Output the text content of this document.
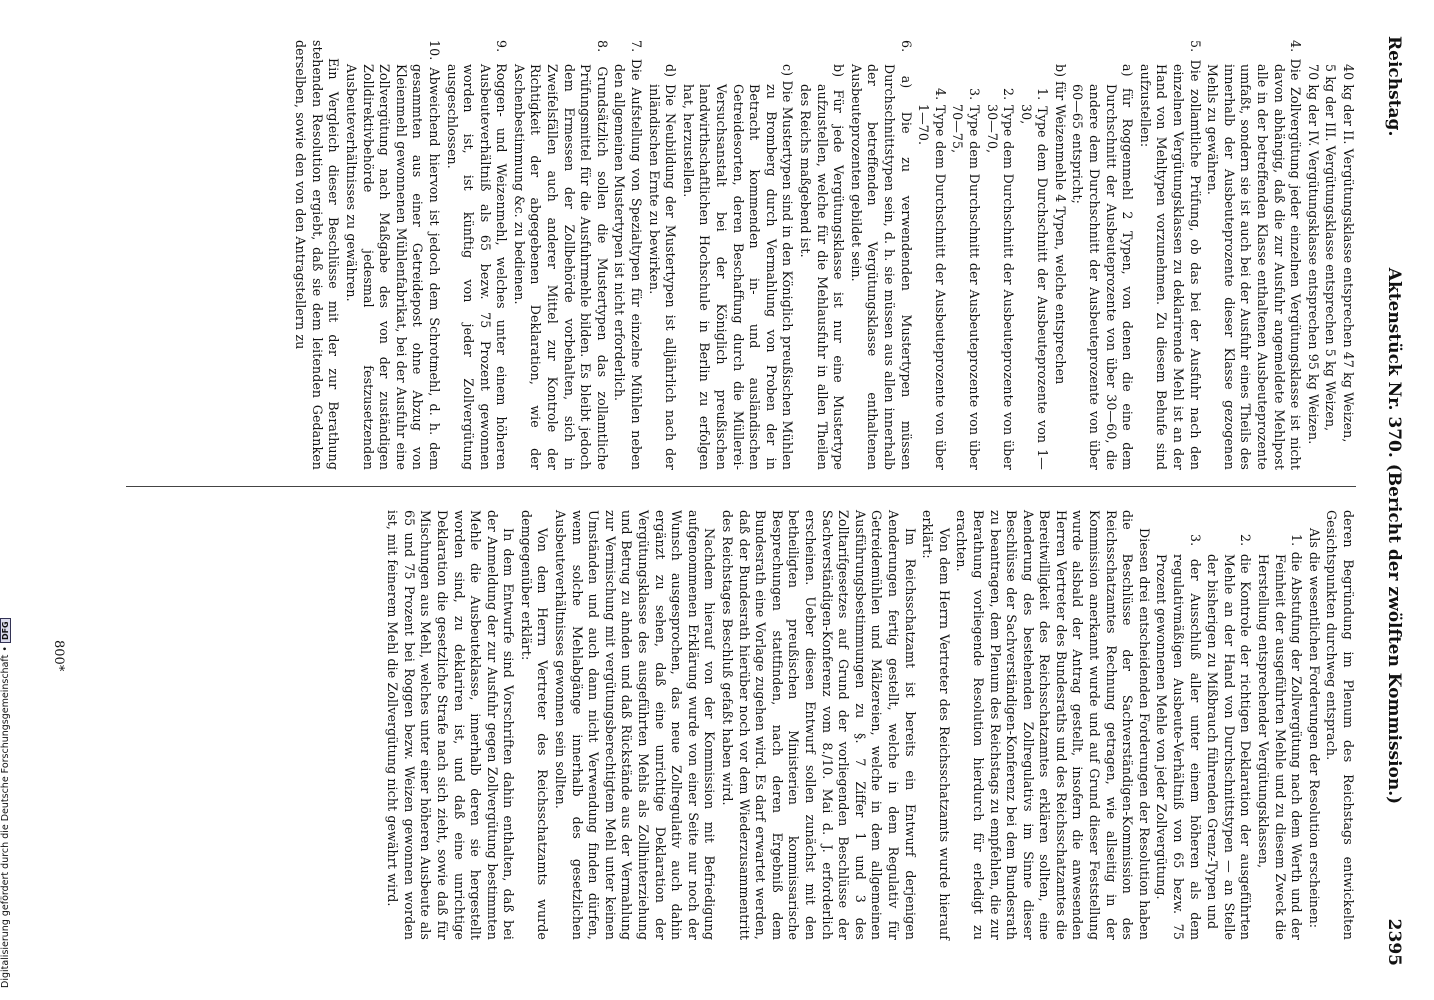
Digitalisierung gefördert durch die Deutsche Forschungsgemeinschaft • DFG
Reichstag.
Aktenstück Nr. 370. (Bericht der zwölften Kommission.)
2395

40 kg der II. Vergütungsklasse entsprechen 47 kg Weizen,

5 kg der III. Vergütungsklasse entsprechen 5 kg Weizen,

70 kg der IV. Vergütungsklasse entsprechen 95 kg Weizen.

4. Die Zollvergütung jeder einzelnen Vergütungsklasse ist nicht davon abhängig, daß die zur Ausfuhr angemeldete Mehlpost alle in der betreffenden Klasse enthaltenen Ausbeuteprozente umfaßt, sondern sie ist auch bei der Ausfuhr eines Theils des innerhalb der Ausbeuteprozente dieser Klasse gezogenen Mehls zu gewähren.

5. Die zollamtliche Prüfung, ob das bei der Ausfuhr nach den einzelnen Vergütungsklassen zu deklarirende Mehl ist an der Hand von Mehltypen vorzunehmen. Zu diesem Behufe sind aufzustellen:

a) für Roggenmehl 2 Typen, von denen die eine dem Durchschnitt der Ausbeuteprozente von über 30—60, die andere dem Durchschnitt der Ausbeuteprozente von über 60—65 entspricht;

b) für Weizenmehle 4 Typen, welche entsprechen

1. Type dem Durchschnitt der Ausbeuteprozente von 1—30,

2. Type dem Durchschnitt der Ausbeuteprozente von über 30—70,

3. Type dem Durchschnitt der Ausbeuteprozente von über 70—75,

4. Type dem Durchschnitt der Ausbeuteprozente von über 1—70.

6. a) Die zu verwendenden Mustertypen müssen Durchschnittstypen sein, d. h. sie müssen aus allen innerhalb der betreffenden Vergütungsklasse enthaltenen Ausbeuteprozenten gebildet sein.

b) Für jede Vergütungsklasse ist nur eine Mustertype aufzustellen, welche für die Mehlausfuhr in allen Theilen des Reichs maßgebend ist.

c) Die Mustertypen sind in den Königlich preußischen Mühlen zu Bromberg durch Vermahlung von Proben der in Betracht kommenden in- und ausländischen Getreidesorten, deren Beschaffung durch die Müllerei-Versuchsanstalt bei der Königlich preußischen landwirthschaftlichen Hochschule in Berlin zu erfolgen hat, herzustellen.

d) Die Neubildung der Mustertypen ist alljährlich nach der inländischen Ernte zu bewirken.

7. Die Aufstellung von Spezialtypen für einzelne Mühlen neben den allgemeinen Mustertypen ist nicht erforderlich.

8. Grundsätzlich sollen die Mustertypen das zollamtliche Prüfungsmittel für die Ausfuhrmehle bilden. Es bleibt jedoch dem Ermessen der Zollbehörde vorbehalten, sich in Zweifelsfällen auch anderer Mittel zur Kontrole der Richtigkeit der abgegebenen Deklaration, wie der Aschenbestimmung &c. zu bedienen.

9. Roggen- und Weizenmehl, welches unter einem höheren Ausbeuteverhältniß als 65 bezw. 75 Prozent gewonnen worden ist, ist künftig von jeder Zollvergütung ausgeschlossen.

10. Abweichend hiervon ist jedoch dem Schrotmehl, d. h. dem gesammten aus einer Getreidepost ohne Abzug von Kleienmehl gewonnenen Mühlenfabrikat, bei der Ausfuhr eine Zollvergütung nach Maßgabe des von der zuständigen Zolldirektivbehörde jedesmal festzusetzenden Ausbeuteverhältnisses zu gewähren.

Ein Vergleich dieser Beschlüsse mit der zur Berathung stehenden Resolution ergiebt, daß sie dem leitenden Gedanken derselben, sowie den von den Antragstellern zu

deren Begründung im Plenum des Reichstags entwickelten Gesichtspunkten durchweg entsprach.

Als die wesentlichen Forderungen der Resolution erscheinen:

1. die Abstufung der Zollvergütung nach dem Werth und der Feinheit der ausgeführten Mehle und zu diesem Zweck die Herstellung entsprechender Vergütungsklassen,

2. die Kontrole der richtigen Deklaration der ausgeführten Mehle an der Hand von Durchschnittstypen — an Stelle der bisherigen zu Mißbrauch führenden Grenz-Typen und

3. der Ausschluß aller unter einem höheren als dem regulativmäßigen Ausbeute-Verhältniß von 65 bezw. 75 Prozent gewonnenen Mehle von jeder Zollvergütung.

Diesen drei entscheidenden Forderungen der Resolution haben die Beschlüsse der Sachverständigen-Kommission des Reichsschatzamtes Rechnung getragen, wie allseitig in der Kommission anerkannt wurde und auf Grund dieser Feststellung wurde alsbald der Antrag gestellt, insofern die anwesenden Herren Vertreter des Bundesraths und des Reichsschatzamtes die Bereitwilligkeit des Reichsschatzamtes erklären sollten, eine Aenderung des bestehenden Zollregulativs im Sinne dieser Beschlüsse der Sachverständigen-Konferenz bei dem Bundesrath zu beantragen, dem Plenum des Reichstags zu empfehlen, die zur Berathung vorliegende Resolution hierdurch für erledigt zu erachten.

Von dem Herrn Vertreter des Reichsschatzamts wurde hierauf erklärt:

Im Reichsschatzamt ist bereits ein Entwurf derjenigen Aenderungen fertig gestellt, welche in dem Regulativ für Getreidemühlen und Mälzereien, welche in dem allgemeinen Ausführungsbestimmungen zu §. 7 Ziffer 1 und 3 des Zolltarifgesetzes auf Grund der vorliegenden Beschlüsse der Sachverständigen-Konferenz vom 8./10. Mai d. J. erforderlich erscheinen. Ueber diesen Entwurf sollen zunächst mit den betheiligten preußischen Ministerien kommissarische Besprechungen stattfinden, nach deren Ergebniß dem Bundesrath eine Vorlage zugehen wird. Es darf erwartet werden, daß der Bundesrath hierüber noch vor dem Wiederzusammentritt des Reichstages Beschluß gefaßt haben wird.

Nachdem hierauf von der Kommission mit Befriedigung aufgenommenen Erklärung wurde von einer Seite nur noch der Wunsch ausgesprochen, das neue Zollregulativ auch dahin ergänzt zu sehen, daß eine unrichtige Deklaration der Vergütungsklasse des ausgeführten Mehls als Zollhinterziehung und Betrug zu ahnden und daß Rückstände aus der Vermahlung zur Vermischung mit vergütungsberechtigtem Mehl unter keinen Umständen und auch dann nicht Verwendung finden dürfen, wenn solche Mehlabgänge innerhalb des gesetzlichen Ausbeuteverhältnisses gewonnen sein sollten.

Von dem Herrn Vertreter des Reichsschatzamts wurde demgegenüber erklärt:

In dem Entwurfe sind Vorschriften dahin enthalten, daß bei der Anmeldung der zur Ausfuhr gegen Zollvergütung bestimmten Mehle die Ausbeuteklasse, innerhalb deren sie hergestellt worden sind, zu deklariren ist, und daß eine unrichtige Deklaration die gesetzliche Strafe nach sich zieht, sowie daß für Mischungen aus Mehl, welches unter einer höheren Ausbeute als 65 und 75 Prozent bei Roggen bezw. Weizen gewonnen worden ist, mit feinerem Mehl die Zollvergütung nicht gewährt wird.

800*
